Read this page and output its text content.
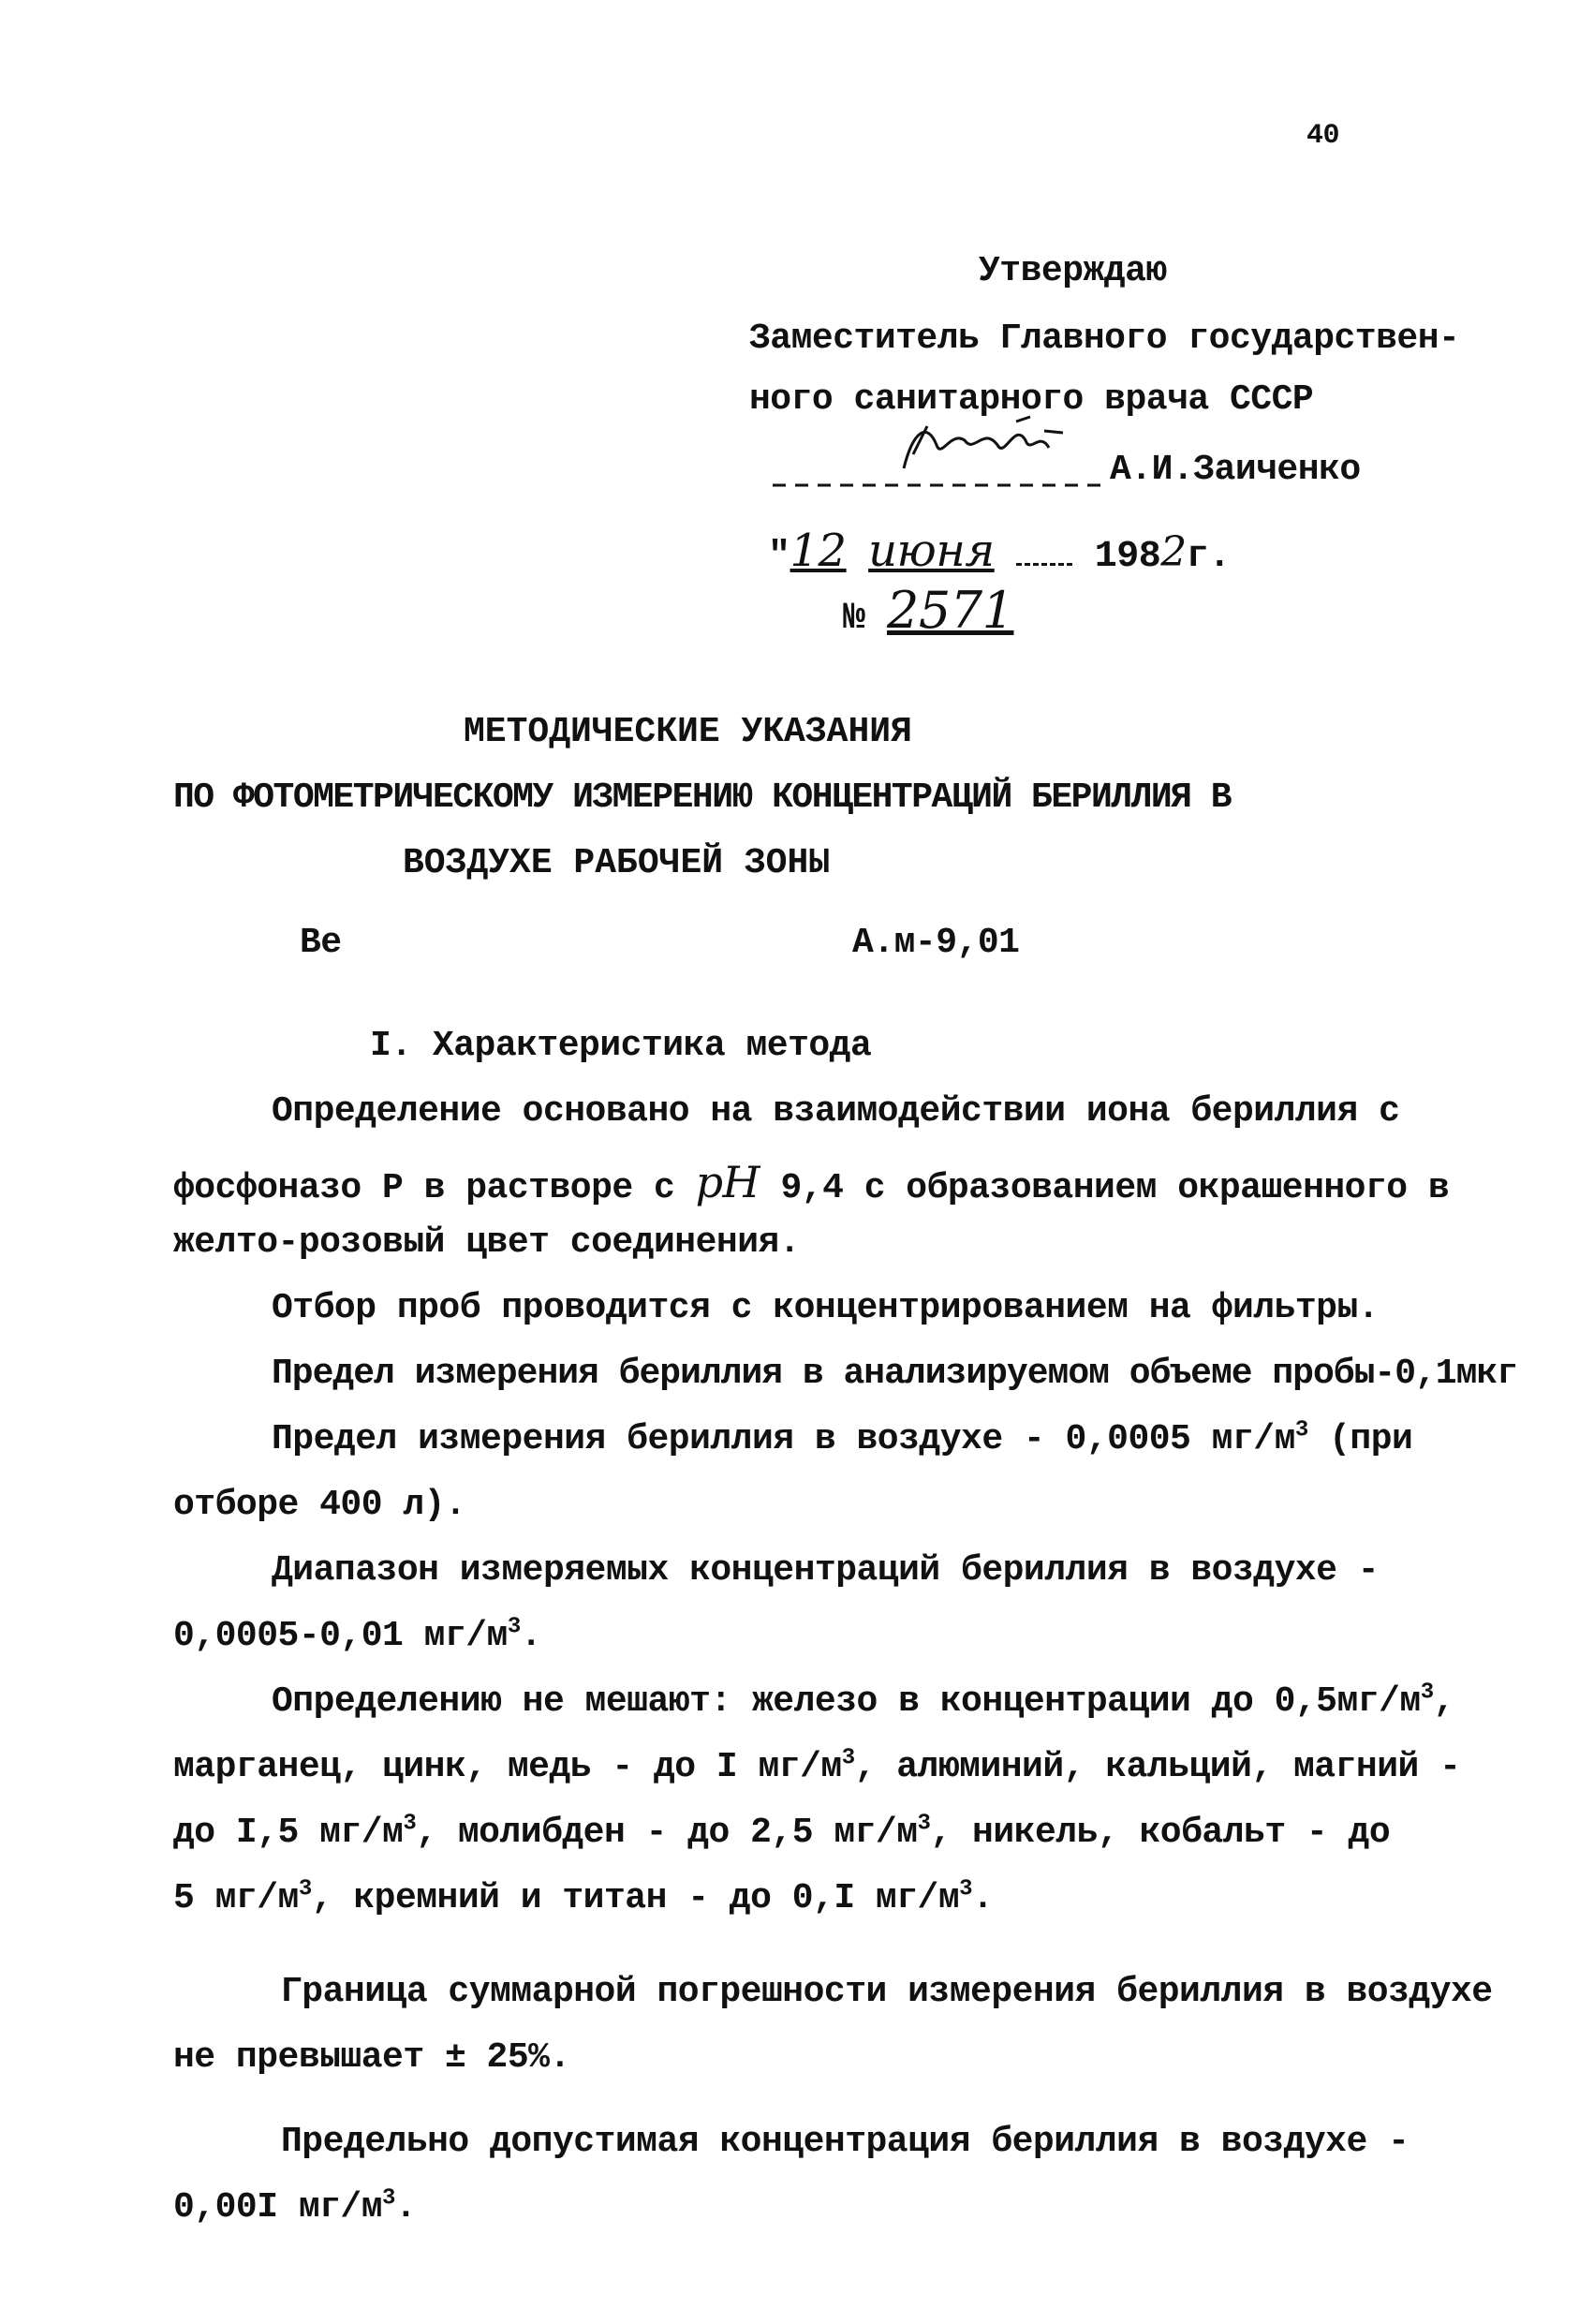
40
Утверждаю
Заместитель Главного государствен-
ного санитарного врача СССР
А.И.Заиченко
"12 июня	1982г.
№ 2571
МЕТОДИЧЕСКИЕ УКАЗАНИЯ
ПО ФОТОМЕТРИЧЕСКОМУ ИЗМЕРЕНИЮ КОНЦЕНТРАЦИЙ БЕРИЛЛИЯ В
ВОЗДУХЕ РАБОЧЕЙ ЗОНЫ
Be	А.м-9,01
I. Характеристика метода
Определение основано на взаимодействии иона бериллия с
фосфоназо Р в растворе с pH 9,4 с образованием окрашенного в
желто-розовый цвет соединения.
Отбор проб проводится с концентрированием на фильтры.
Предел измерения бериллия в анализируемом объеме пробы-0,1мкг
Предел измерения бериллия в воздухе - 0,0005 $мг/м^3$ (при
отборе 400 л).
Диапазон измеряемых концентраций бериллия в воздухе -
0,0005-0,01 $мг/м^3$.
Определению не мешают: железо в концентрации до $0,5мг/м^3$,
марганец, цинк, медь - до I $мг/м^3$, алюминий, кальций, магний -
до I,5 $мг/м^3$, молибден - до 2,5 $мг/м^3$, никель, кобальт - до
5 $мг/м^3$, кремний и титан - до 0,I $мг/м^3$.
Граница суммарной погрешности измерения бериллия в воздухе
не превышает ± 25%.
Предельно допустимая концентрация бериллия в воздухе -
0,00I $мг/м^3$.
